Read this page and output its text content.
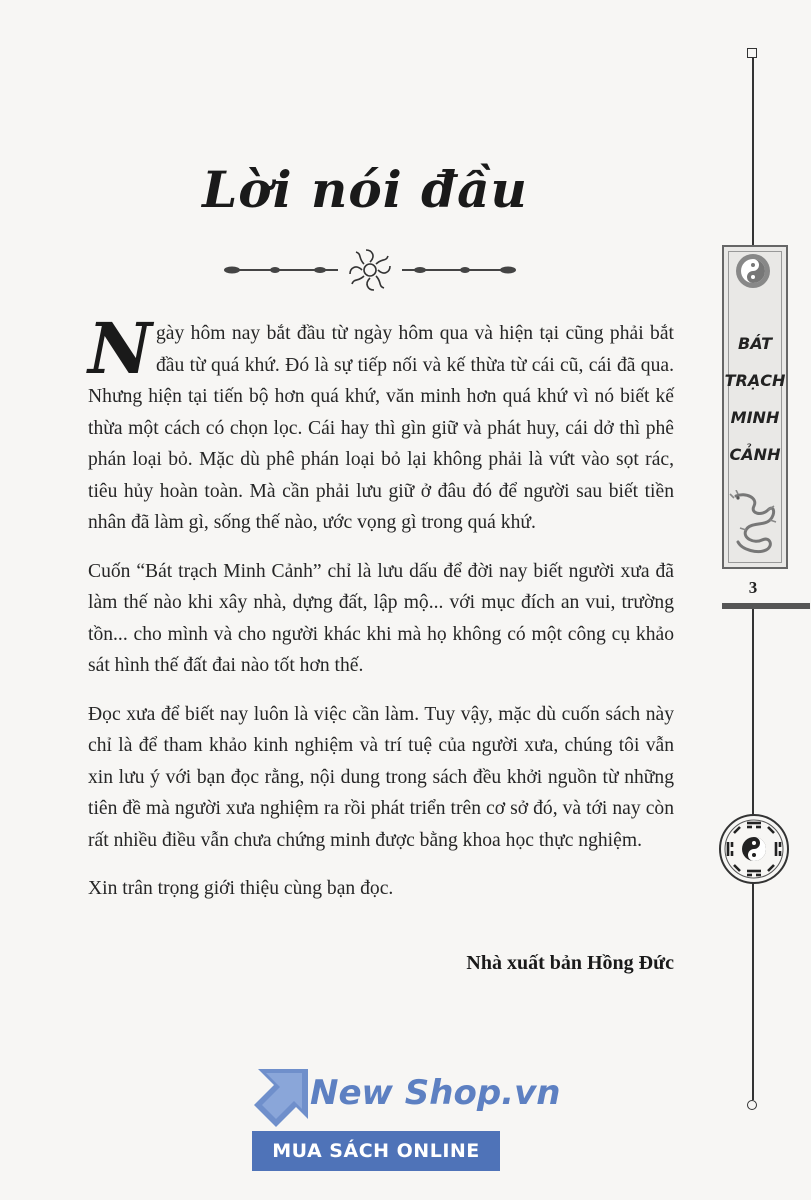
Lời nói đầu

Ngày hôm nay bắt đầu từ ngày hôm qua và hiện tại cũng phải bắt đầu từ quá khứ. Đó là sự tiếp nối và kế thừa từ cái cũ, cái đã qua. Nhưng hiện tại tiến bộ hơn quá khứ, văn minh hơn quá khứ vì nó biết kế thừa một cách có chọn lọc. Cái hay thì gìn giữ và phát huy, cái dở thì phê phán loại bỏ. Mặc dù phê phán loại bỏ lại không phải là vứt vào sọt rác, tiêu hủy hoàn toàn. Mà cần phải lưu giữ ở đâu đó để người sau biết tiền nhân đã làm gì, sống thế nào, ước vọng gì trong quá khứ.

Cuốn “Bát trạch Minh Cảnh” chỉ là lưu dấu để đời nay biết người xưa đã làm thế nào khi xây nhà, dựng đất, lập mộ... với mục đích an vui, trường tồn... cho mình và cho người khác khi mà họ không có một công cụ khảo sát hình thế đất đai nào tốt hơn thế.

Đọc xưa để biết nay luôn là việc cần làm. Tuy vậy, mặc dù cuốn sách này chỉ là để tham khảo kinh nghiệm và trí tuệ của người xưa, chúng tôi vẫn xin lưu ý với bạn đọc rằng, nội dung trong sách đều khởi nguồn từ những tiên đề mà người xưa nghiệm ra rồi phát triển trên cơ sở đó, và tới nay còn rất nhiều điều vẫn chưa chứng minh được bằng khoa học thực nghiệm.

Xin trân trọng giới thiệu cùng bạn đọc.

Nhà xuất bản Hồng Đức
BÁT
TRẠCH
MINH
CẢNH
3
New Shop.vn
MUA SÁCH ONLINE
